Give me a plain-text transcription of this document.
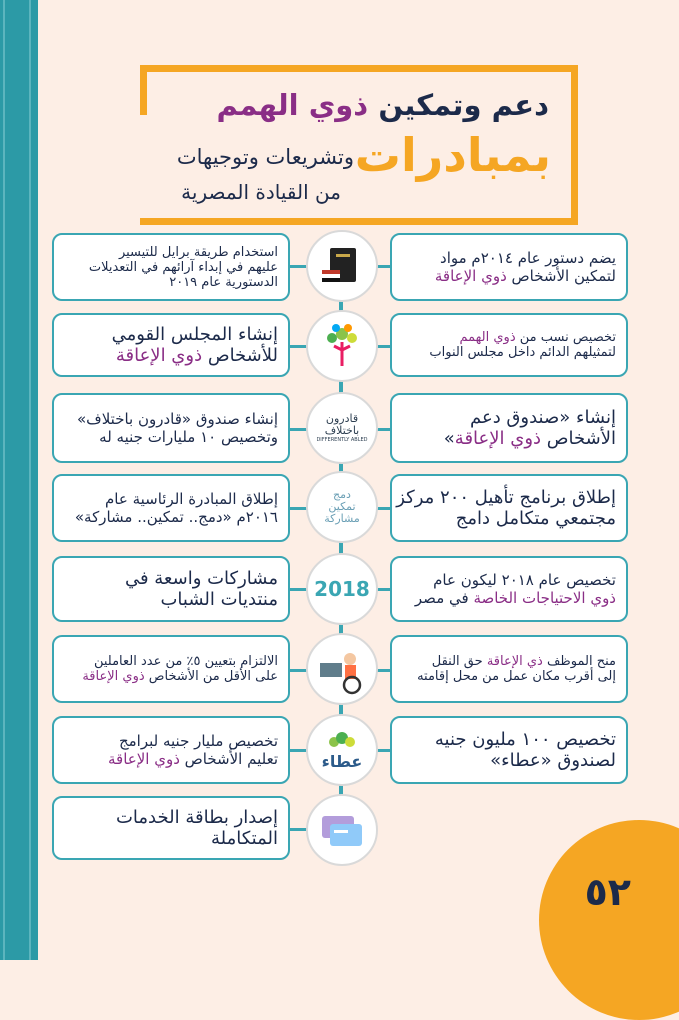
دعم وتمكين ذوي الهمم
بمبادرات
وتشريعات وتوجيهات
من القيادة المصرية
يضم دستور عام ٢٠١٤م مواد
لتمكين الأشخاص ذوي الإعاقة
استخدام طريقة برايل للتيسير
عليهم في إبداء آرائهم في التعديلات
الدستورية عام ٢٠١٩
تخصيص نسب من ذوي الهمم
لتمثيلهم الدائم داخل مجلس النواب
إنشاء المجلس القومي
للأشخاص ذوي الإعاقة
إنشاء «صندوق دعم
الأشخاص ذوي الإعاقة»
إنشاء صندوق «قادرون باختلاف»
وتخصيص ١٠ مليارات جنيه له
قادرون باختلاف
DIFFERENTLY ABLED
إطلاق برنامج تأهيل ٢٠٠ مركز
مجتمعي متكامل دامج
إطلاق المبادرة الرئاسية عام
٢٠١٦م «دمج.. تمكين.. مشاركة»
دمج تمكين مشاركة
تخصيص عام ٢٠١٨ ليكون عام
ذوي الاحتياجات الخاصة في مصر
مشاركات واسعة في
منتديات الشباب 2018
منح الموظف ذي الإعاقة حق النقل
إلى أقرب مكان عمل من محل إقامته
الالتزام بتعيين ٥٪ من عدد العاملين
على الأقل من الأشخاص ذوي الإعاقة
تخصيص ١٠٠ مليون جنيه
لصندوق «عطاء»
تخصيص مليار جنيه لبرامج
تعليم الأشخاص ذوي الإعاقة	عطاء
إصدار بطاقة الخدمات
المتكاملة
٥٢
